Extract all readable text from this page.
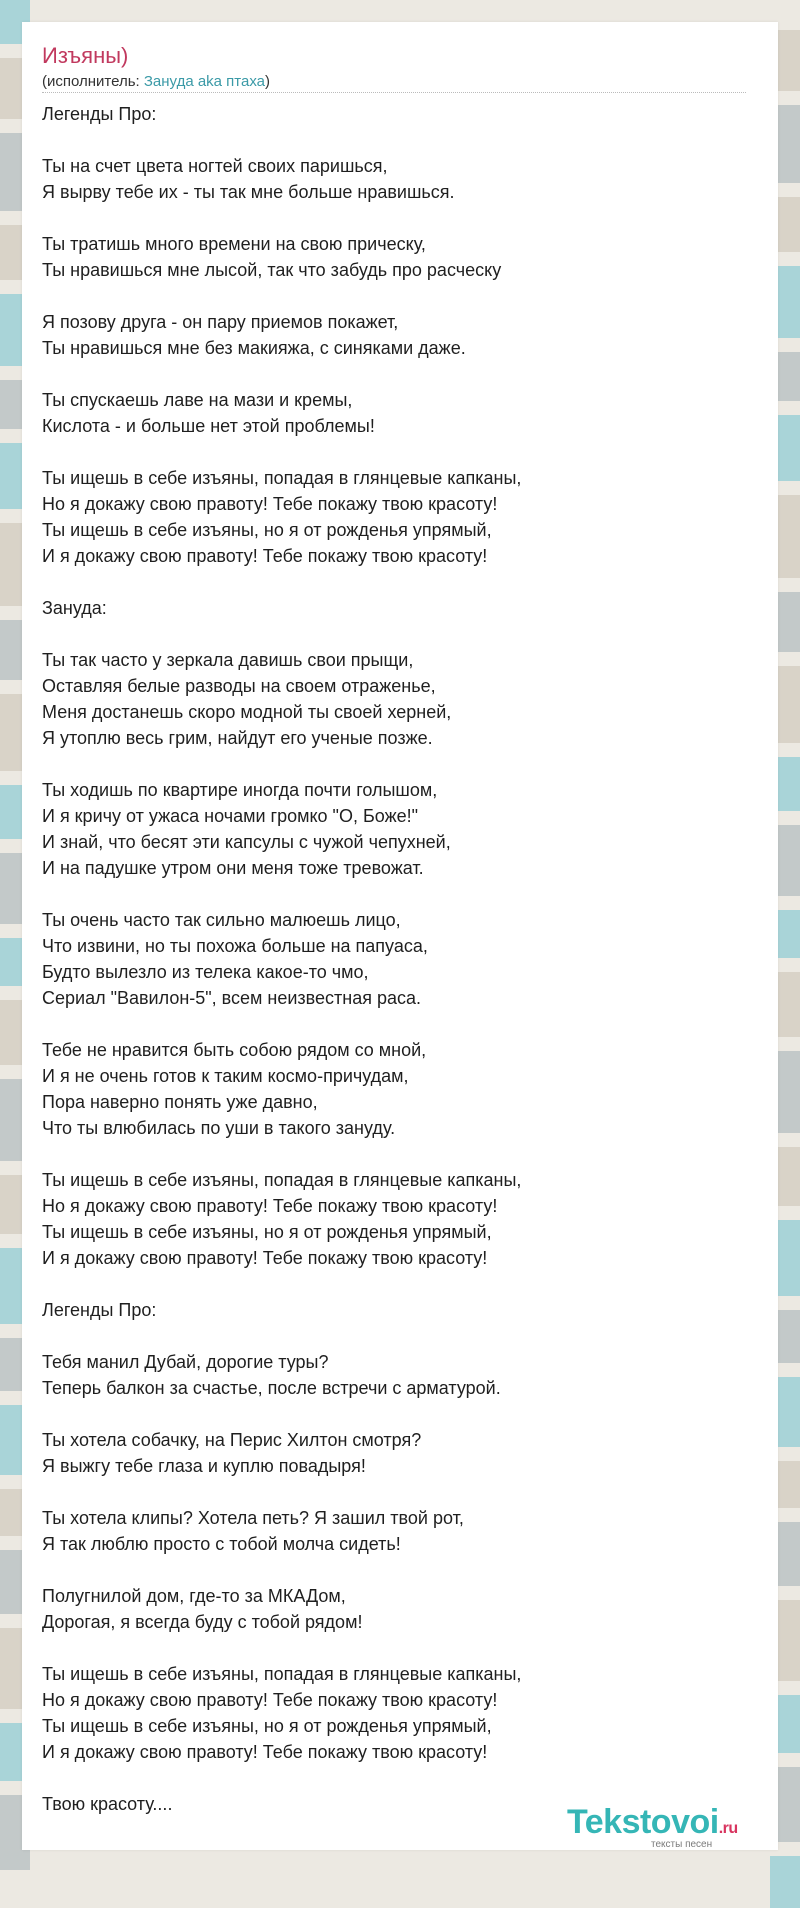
Изъяны)
(исполнитель: Зануда aka птаха)
Легенды Про:
Ты на счет цвета ногтей своих паришься,
Я вырву тебе их - ты так мне больше нравишься.
Ты тратишь много времени на свою прическу,
Ты нравишься мне лысой, так что забудь про расческу
Я позову друга - он пару приемов покажет,
Ты нравишься мне без макияжа, с синяками даже.
Ты спускаешь лаве на мази и кремы,
Кислота - и больше нет этой проблемы!
Ты ищешь в себе изъяны, попадая в глянцевые капканы,
Но я докажу свою правоту! Тебе покажу твою красоту!
Ты ищешь в себе изъяны, но я от рожденья упрямый,
И я докажу свою правоту! Тебе покажу твою красоту!
Зануда:
Ты так часто у зеркала давишь свои прыщи,
Оставляя белые разводы на своем отраженье,
Меня достанешь скоро модной ты своей херней,
Я утоплю весь грим, найдут его ученые позже.
Ты ходишь по квартире иногда почти голышом,
И я кричу от ужаса ночами громко "О, Боже!"
И знай, что бесят эти капсулы с чужой чепухней,
И на падушке утром они меня тоже тревожат.
Ты очень часто так сильно малюешь лицо,
Что извини, но ты похожа больше на папуаса,
Будто вылезло из телека какое-то чмо,
Сериал "Вавилон-5", всем неизвестная раса.
Тебе не нравится быть собою рядом со мной,
И я не очень готов к таким космо-причудам,
Пора наверно понять уже давно,
Что ты влюбилась по уши в такого зануду.
Ты ищешь в себе изъяны, попадая в глянцевые капканы,
Но я докажу свою правоту! Тебе покажу твою красоту!
Ты ищешь в себе изъяны, но я от рожденья упрямый,
И я докажу свою правоту! Тебе покажу твою красоту!
Легенды Про:
Тебя манил Дубай, дорогие туры?
Теперь балкон за счастье, после встречи с арматурой.
Ты хотела собачку, на Перис Хилтон смотря?
Я выжгу тебе глаза и куплю повадыря!
Ты хотела клипы? Хотела петь? Я зашил твой рот,
Я так люблю просто с тобой молча сидеть!
Полугнилой дом, где-то за МКАДом,
Дорогая, я всегда буду с тобой рядом!
Ты ищешь в себе изъяны, попадая в глянцевые капканы,
Но я докажу свою правоту! Тебе покажу твою красоту!
Ты ищешь в себе изъяны, но я от рожденья упрямый,
И я докажу свою правоту! Тебе покажу твою красоту!
Твою красоту....	Tekstovoi.ru
тексты песен
